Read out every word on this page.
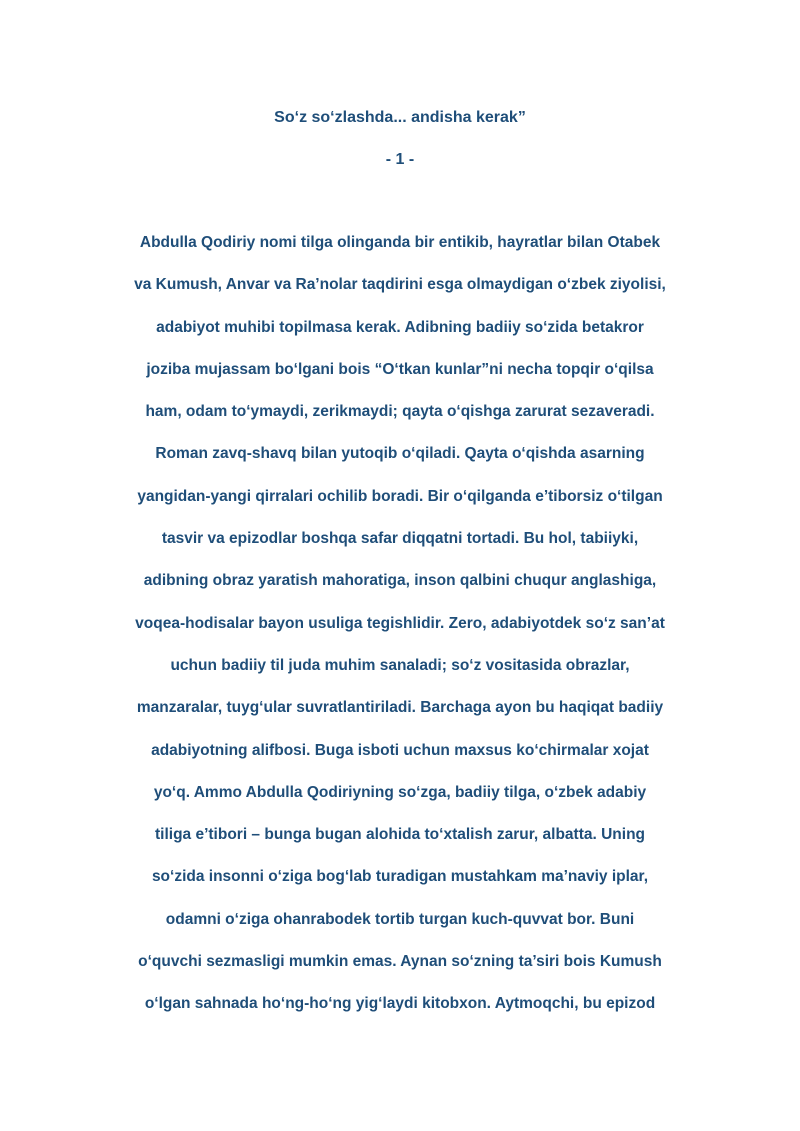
So‘z so‘zlashda... andisha kerak”

- 1 -

Abdulla Qodiriy nomi tilga olinganda bir entikib, hayratlar bilan Otabek
va Kumush, Anvar va Ra’nolar taqdirini esga olmaydigan o‘zbek ziyolisi,
adabiyot muhibi topilmasa kerak. Adibning badiiy so‘zida betakror
joziba mujassam bo‘lgani bois “O‘tkan kunlar”ni necha topqir o‘qilsa
ham, odam to‘ymaydi, zerikmaydi; qayta o‘qishga zarurat sezaveradi.
Roman zavq-shavq bilan yutoqib o‘qiladi. Qayta o‘qishda asarning
yangidan-yangi qirralari ochilib boradi. Bir o‘qilganda e’tiborsiz o‘tilgan
tasvir va epizodlar boshqa safar diqqatni tortadi. Bu hol, tabiiyki,
adibning obraz yaratish mahoratiga, inson qalbini chuqur anglashiga,
voqea-hodisalar bayon usuliga tegishlidir. Zero, adabiyotdek so‘z san’at
uchun badiiy til juda muhim sanaladi; so‘z vositasida obrazlar,
manzaralar, tuyg‘ular suvratlantiriladi. Barchaga ayon bu haqiqat badiiy
adabiyotning alifbosi. Buga isboti uchun maxsus ko‘chirmalar xojat
yo‘q. Ammo Abdulla Qodiriyning so‘zga, badiiy tilga, o‘zbek adabiy
tiliga e’tibori – bunga bugan alohida to‘xtalish zarur, albatta. Uning
so‘zida insonni o‘ziga bog‘lab turadigan mustahkam ma’naviy iplar,
odamni o‘ziga ohanrabodek tortib turgan kuch-quvvat bor. Buni
o‘quvchi sezmasligi mumkin emas. Aynan so‘zning ta’siri bois Kumush
o‘lgan sahnada ho‘ng-ho‘ng yig‘laydi kitobxon. Aytmoqchi, bu epizod
